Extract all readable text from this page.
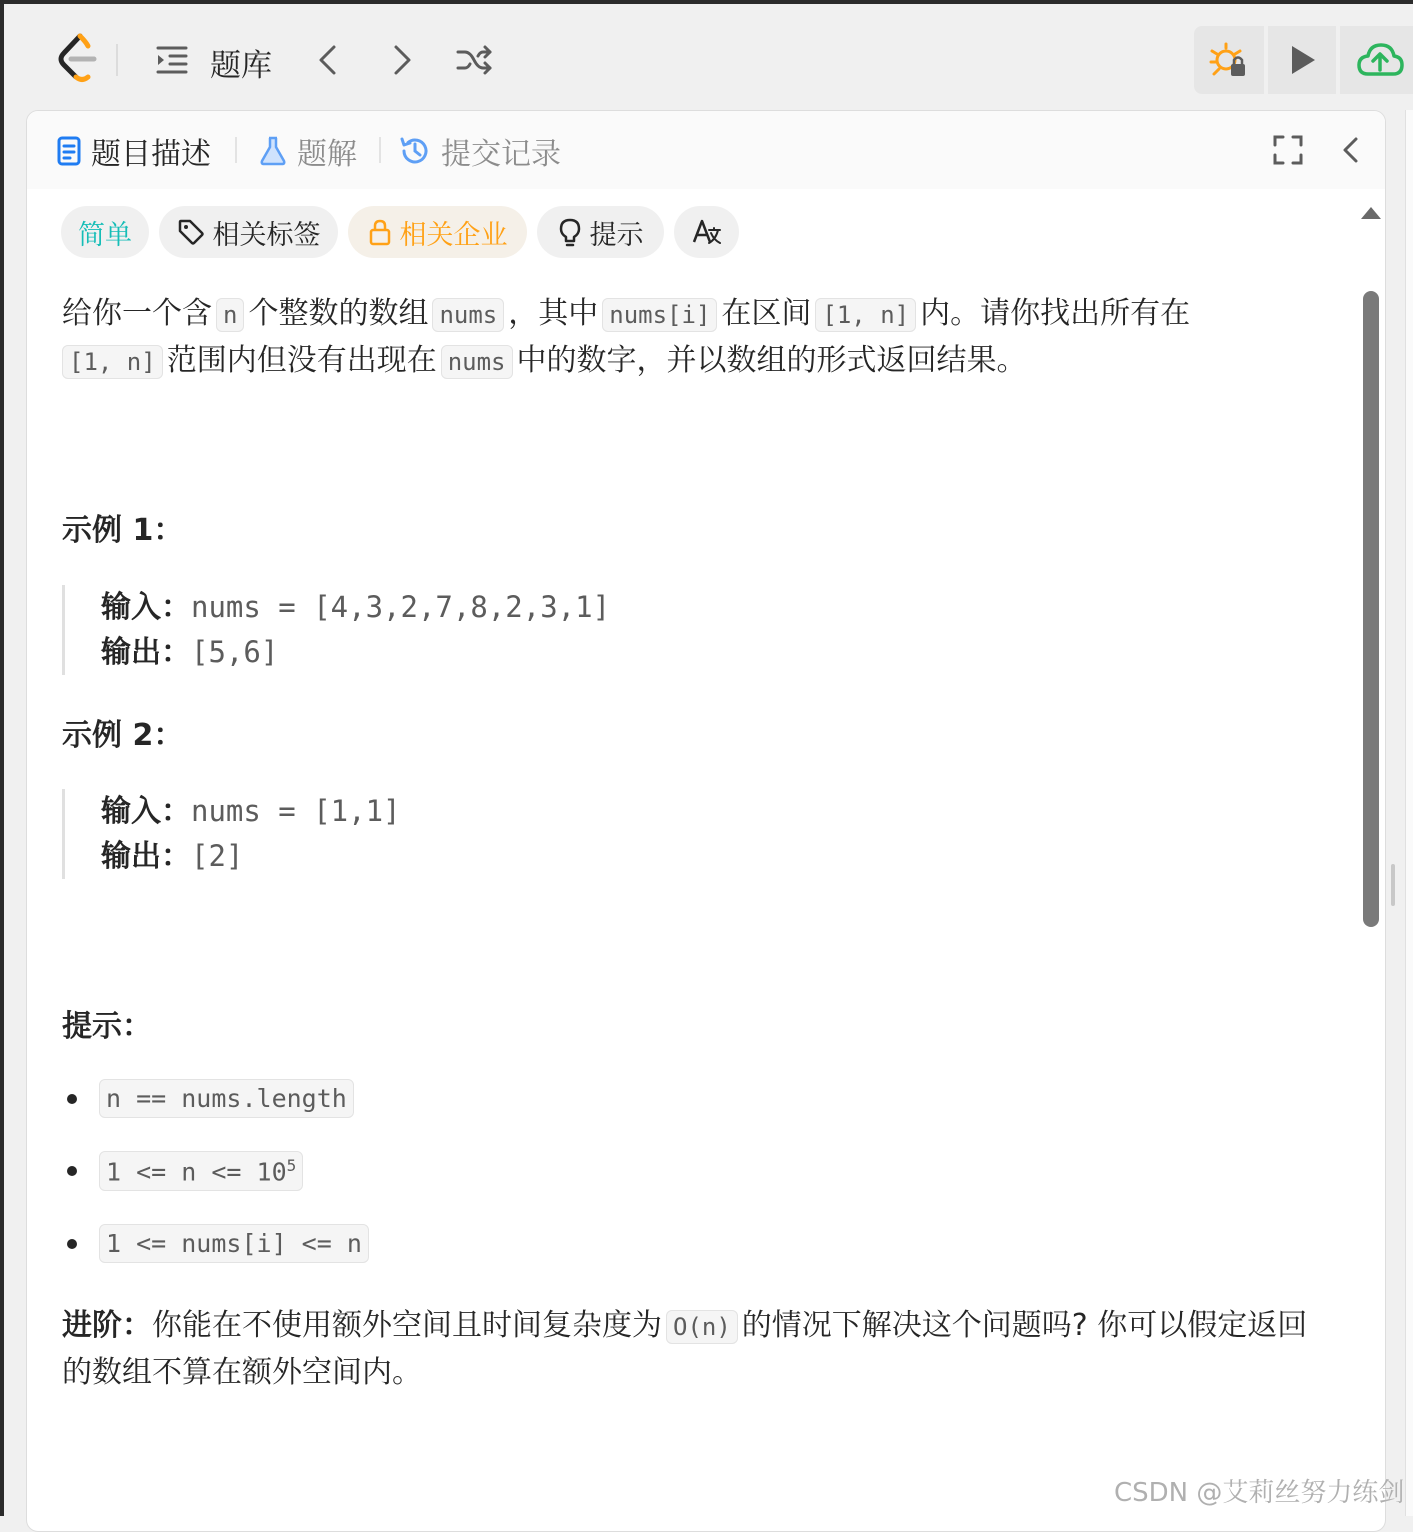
题库
题目描述	题解	提交记录
简单	相关标签	相关企业	提示

给你一个含 n 个整数的数组 nums ，其中 nums[i] 在区间 [1, n] 内。请你找出所有在
[1, n] 范围内但没有出现在 nums 中的数字，并以数组的形式返回结果。

示例 1：
输入：nums = [4,3,2,7,8,2,3,1]
输出：[5,6]
示例 2：
输入：nums = [1,1]
输出：[2]
提示：
n == nums.length
$1 <= n <= 10^5$
1 <= nums[i] <= n

进阶：你能在不使用额外空间且时间复杂度为 O(n) 的情况下解决这个问题吗? 你可以假定返回的数组不算在额外空间内。

CSDN @艾莉丝努力练剑
